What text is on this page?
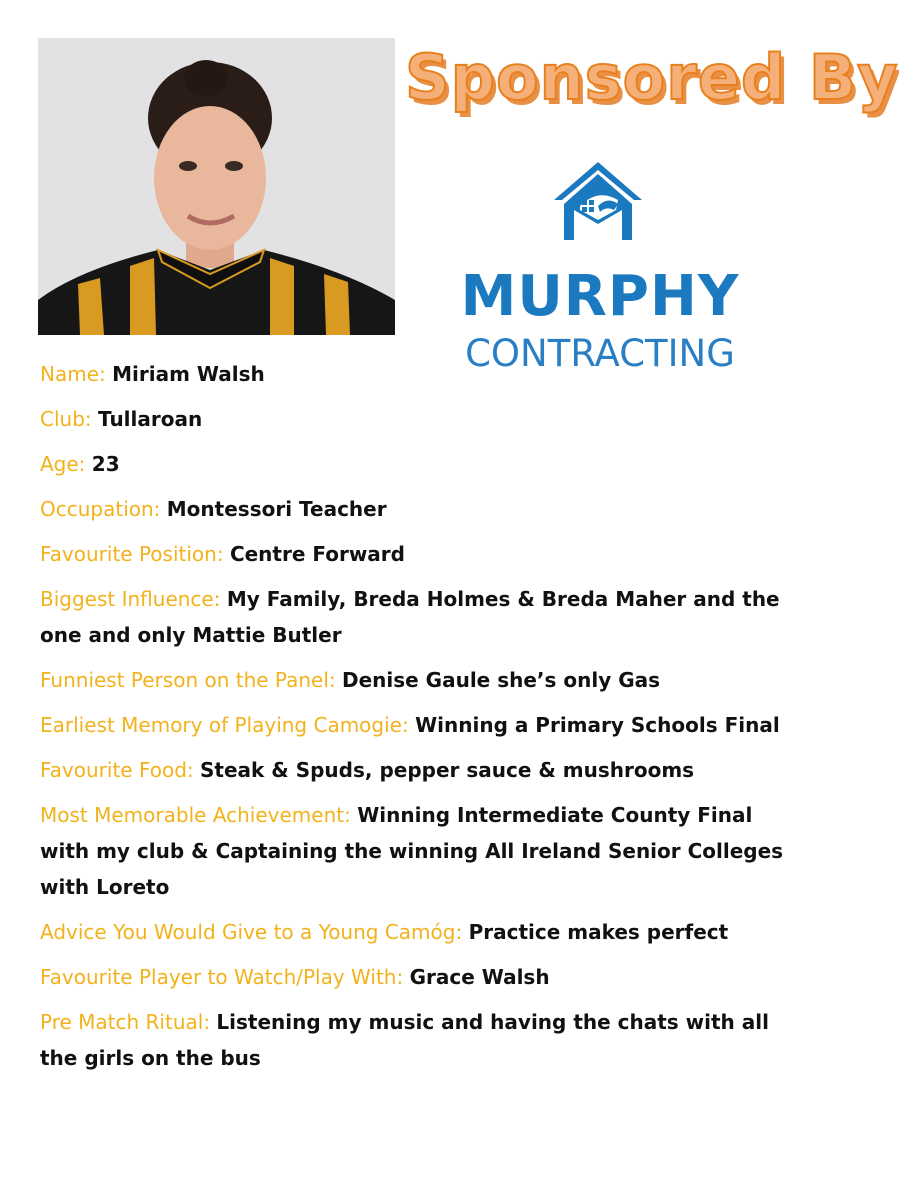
Sponsored By
MURPHY
CONTRACTING
Name: Miriam Walsh
Club: Tullaroan
Age: 23
Occupation: Montessori Teacher
Favourite Position: Centre Forward
Biggest Influence: My Family, Breda Holmes & Breda Maher and the one and only Mattie Butler
Funniest Person on the Panel: Denise Gaule she’s only Gas
Earliest Memory of Playing Camogie: Winning a Primary Schools Final
Favourite Food: Steak & Spuds, pepper sauce & mushrooms
Most Memorable Achievement: Winning Intermediate County Final with my club & Captaining the winning All Ireland Senior Colleges with Loreto
Advice You Would Give to a Young Camóg: Practice makes perfect
Favourite Player to Watch/Play With: Grace Walsh
Pre Match Ritual: Listening my music and having the chats with all the girls on the bus
